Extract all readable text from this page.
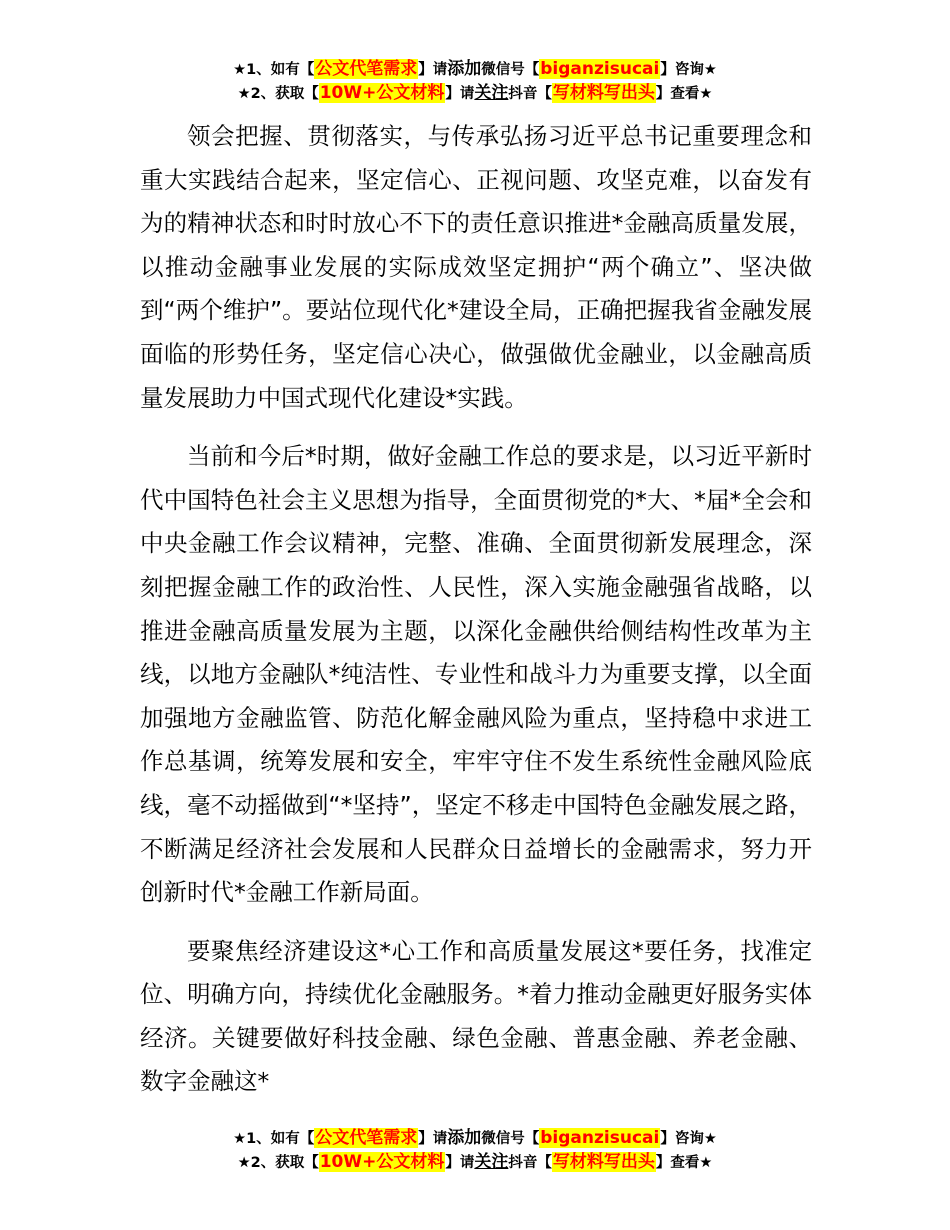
★1、如有【公文代笔需求】请添加微信号【biganzisucai】咨询★
★2、获取【10W+公文材料】请关注抖音【写材料写出头】查看★

领会把握、贯彻落实，与传承弘扬习近平总书记重要理念和重大实践结合起来，坚定信心、正视问题、攻坚克难，以奋发有为的精神状态和时时放心不下的责任意识推进*金融高质量发展，以推动金融事业发展的实际成效坚定拥护“两个确立”、坚决做到“两个维护”。要站位现代化*建设全局，正确把握我省金融发展面临的形势任务，坚定信心决心，做强做优金融业，以金融高质量发展助力中国式现代化建设*实践。

当前和今后*时期，做好金融工作总的要求是，以习近平新时代中国特色社会主义思想为指导，全面贯彻党的*大、*届*全会和中央金融工作会议精神，完整、准确、全面贯彻新发展理念，深刻把握金融工作的政治性、人民性，深入实施金融强省战略，以推进金融高质量发展为主题，以深化金融供给侧结构性改革为主线，以地方金融队*纯洁性、专业性和战斗力为重要支撑，以全面加强地方金融监管、防范化解金融风险为重点，坚持稳中求进工作总基调，统筹发展和安全，牢牢守住不发生系统性金融风险底线，毫不动摇做到“*坚持”，坚定不移走中国特色金融发展之路，不断满足经济社会发展和人民群众日益增长的金融需求，努力开创新时代*金融工作新局面。

要聚焦经济建设这*心工作和高质量发展这*要任务，找准定位、明确方向，持续优化金融服务。*着力推动金融更好服务实体经济。关键要做好科技金融、绿色金融、普惠金融、养老金融、数字金融这*

★1、如有【公文代笔需求】请添加微信号【biganzisucai】咨询★
★2、获取【10W+公文材料】请关注抖音【写材料写出头】查看★
